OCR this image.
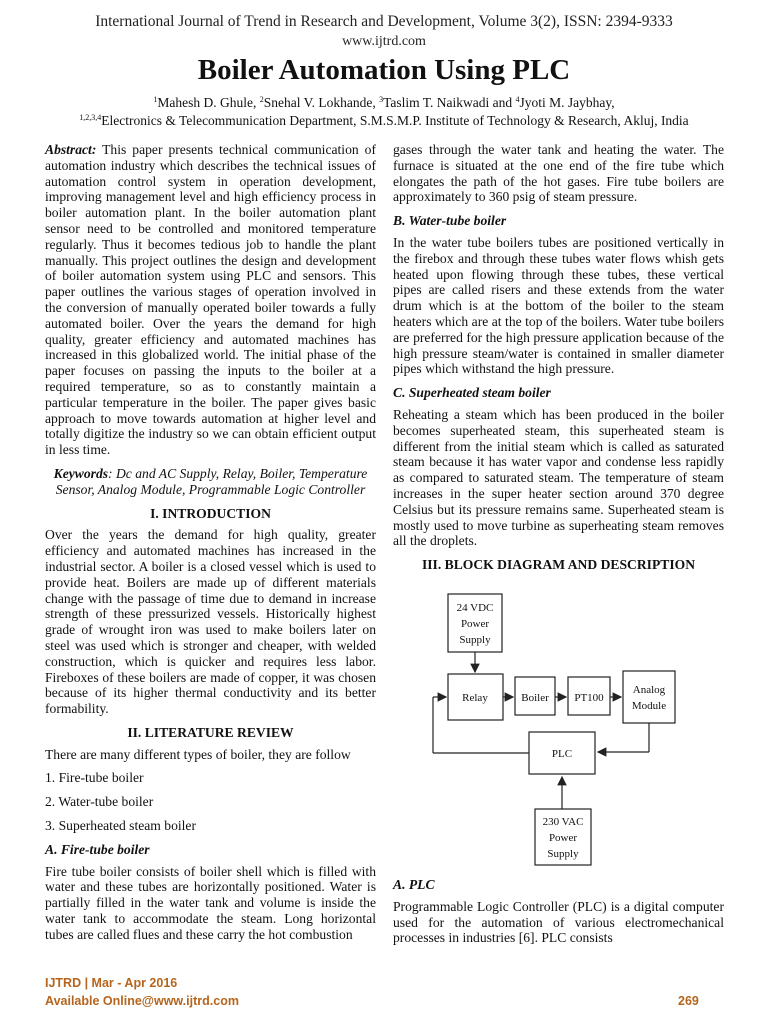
International Journal of Trend in Research and Development, Volume 3(2), ISSN: 2394-9333
www.ijtrd.com
Boiler Automation Using PLC
$^1$Mahesh D. Ghule, $^2$Snehal V. Lokhande, $^3$Taslim T. Naikwadi and $^4$Jyoti M. Jaybhay,
$^{1,2,3,4}$Electronics & Telecommunication Department, S.M.S.M.P. Institute of Technology & Research, Akluj, India

Abstract: This paper presents technical communication of automation industry which describes the technical issues of automation control system in operation development, improving management level and high efficiency process in boiler automation plant. In the boiler automation plant sensor need to be controlled and monitored temperature regularly. Thus it becomes tedious job to handle the plant manually. This project outlines the design and development of boiler automation system using PLC and sensors. This paper outlines the various stages of operation involved in the conversion of manually operated boiler towards a fully automated boiler. Over the years the demand for high quality, greater efficiency and automated machines has increased in this globalized world. The initial phase of the paper focuses on passing the inputs to the boiler at a required temperature, so as to constantly maintain a particular temperature in the boiler. The paper gives basic approach to move towards automation at higher level and totally digitize the industry so we can obtain efficient output in less time.

Keywords: Dc and AC Supply, Relay, Boiler, Temperature Sensor, Analog Module, Programmable Logic Controller

I. INTRODUCTION

Over the years the demand for high quality, greater efficiency and automated machines has increased in the industrial sector. A boiler is a closed vessel which is used to provide heat. Boilers are made up of different materials change with the passage of time due to demand in increase strength of these pressurized vessels. Historically highest grade of wrought iron was used to make boilers later on steel was used which is stronger and cheaper, with welded construction, which is quicker and requires less labor. Fireboxes of these boilers are made of copper, it was chosen because of its higher thermal conductivity and its better formability.

II. LITERATURE REVIEW

There are many different types of boiler, they are follow

1. Fire-tube boiler

2. Water-tube boiler

3. Superheated steam boiler

A. Fire-tube boiler

Fire tube boiler consists of boiler shell which is filled with water and these tubes are horizontally positioned. Water is partially filled in the water tank and volume is inside the water tank to accommodate the steam. Long horizontal tubes are called flues and these carry the hot combustion

gases through the water tank and heating the water. The furnace is situated at the one end of the fire tube which elongates the path of the hot gases. Fire tube boilers are approximately to 360 psig of steam pressure.

B. Water-tube boiler

In the water tube boilers tubes are positioned vertically in the firebox and through these tubes water flows whish gets heated upon flowing through these tubes, these vertical pipes are called risers and these extends from the water drum which is at the bottom of the boiler to the steam heaters which are at the top of the boilers. Water tube boilers are preferred for the high pressure application because of the high pressure steam/water is contained in smaller diameter pipes which withstand the high pressure.

C. Superheated steam boiler

Reheating a steam which has been produced in the boiler becomes superheated steam, this superheated steam is different from the initial steam which is called as saturated steam because it has water vapor and condense less rapidly as compared to saturated steam. The temperature of steam increases in the super heater section around 370 degree Celsius but its pressure remains same. Superheated steam is mostly used to move turbine as superheating steam removes all the droplets.

III. BLOCK DIAGRAM AND DESCRIPTION
24 VDC
Power
Supply
Relay	Boiler PT100
Analog
Module
PLC
230 VAC
Power
Supply
A. PLC

Programmable Logic Controller (PLC) is a digital computer used for the automation of various electromechanical processes in industries [6]. PLC consists

IJTRD | Mar - Apr 2016
Available Online@www.ijtrd.com	269
